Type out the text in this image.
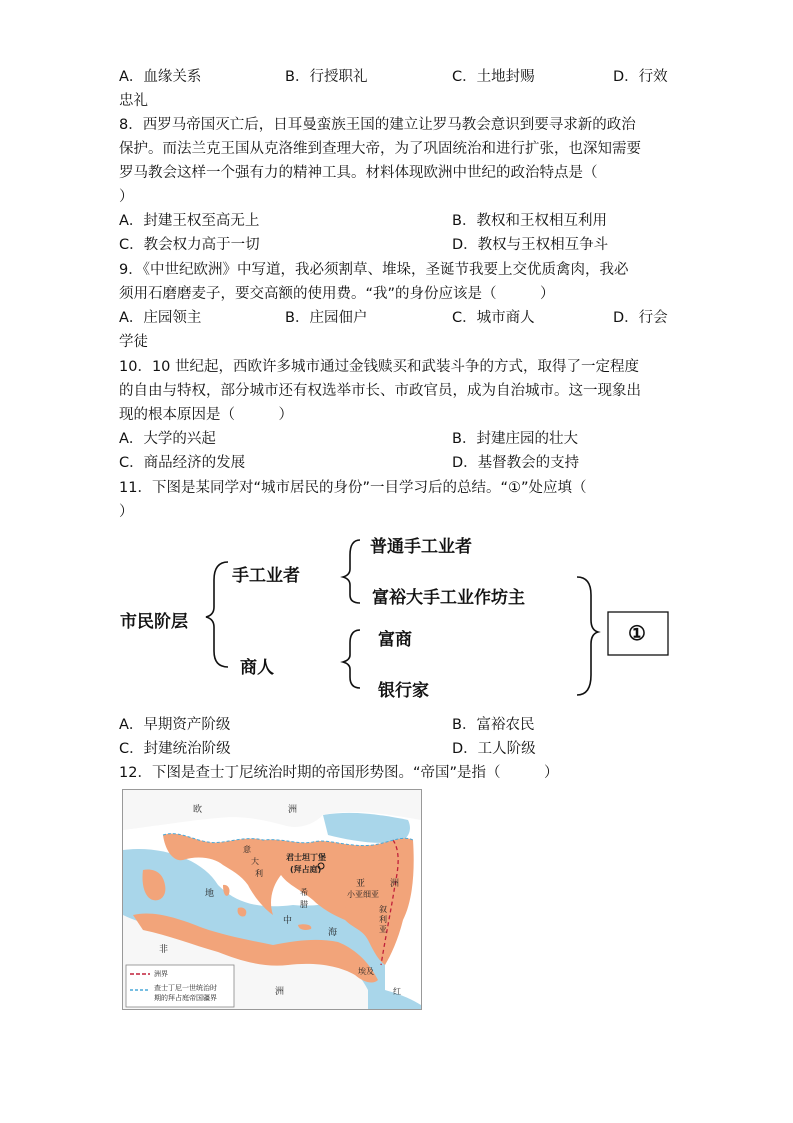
A．血缘关系	B．行授职礼	C．土地封赐	D．行效
忠礼
8．西罗马帝国灭亡后，日耳曼蛮族王国的建立让罗马教会意识到要寻求新的政治
保护。而法兰克王国从克洛维到查理大帝，为了巩固统治和进行扩张，也深知需要
罗马教会这样一个强有力的精神工具。材料体现欧洲中世纪的政治特点是（
）
A．封建王权至高无上	B．教权和王权相互利用
C．教会权力高于一切	D．教权与王权相互争斗
9．《中世纪欧洲》中写道，我必须割草、堆垛，圣诞节我要上交优质禽肉，我必
须用石磨磨麦子，要交高额的使用费。“我”的身份应该是（　　　）
A．庄园领主	B．庄园佃户	C．城市商人	D．行会
学徒
10．10 世纪起，西欧许多城市通过金钱赎买和武装斗争的方式，取得了一定程度
的自由与特权，部分城市还有权选举市长、市政官员，成为自治城市。这一现象出
现的根本原因是（　　　）
A．大学的兴起	B．封建庄园的壮大
C．商品经济的发展	D．基督教会的支持
11．下图是某同学对“城市居民的身份”一目学习后的总结。“①”处应填（
）
市民阶层
手工业者
普通手工业者
富裕大手工业作坊主
商人
富商
银行家
①
A．早期资产阶级	B．富裕农民
C．封建统治阶级	D．工人阶级
12．下图是查士丁尼统治时期的帝国形势图。“帝国”是指（　　　）
欧	洲
意
大
利
君士坦丁堡
(拜占庭)
希
腊
亚	洲
小亚细亚
叙
利
亚
地
中
海
非
洲
埃及
红
洲界
查士丁尼一世统治时
期的拜占庭帝国疆界
